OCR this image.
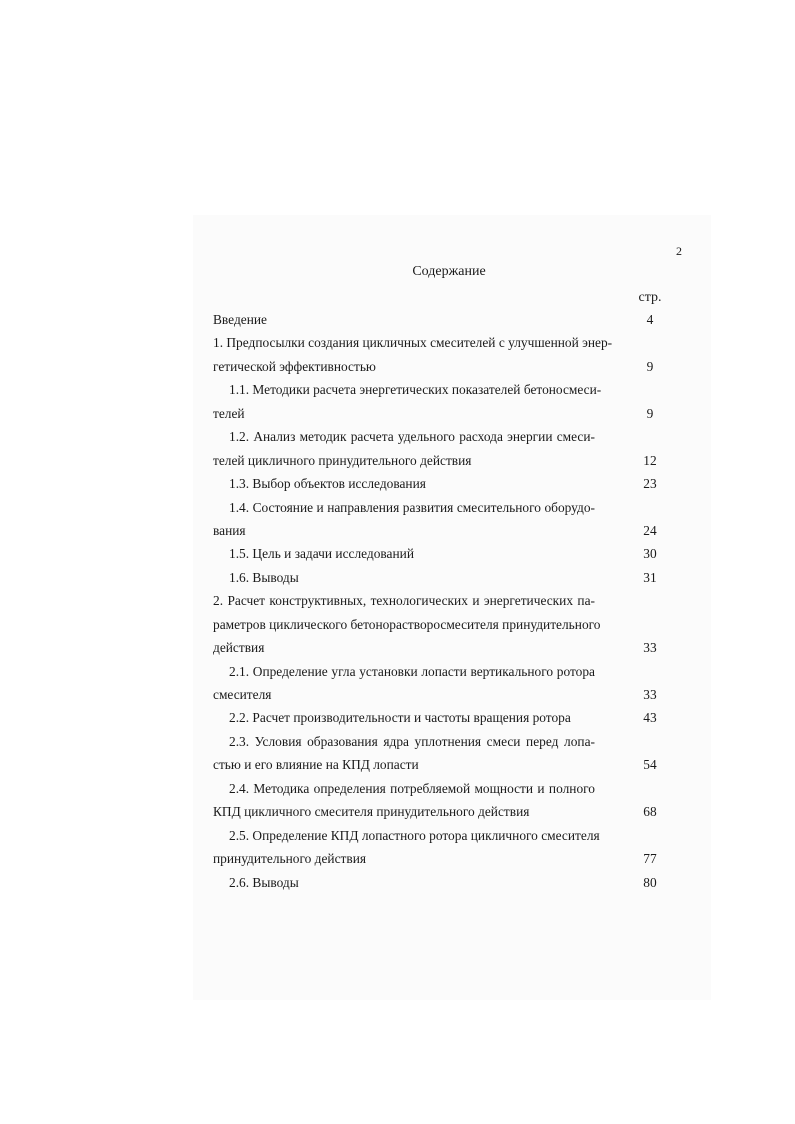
2
Содержание
стр.
Введение	4
1. Предпосылки создания цикличных смесителей с улучшенной энер-
гетической эффективностью	9
1.1. Методики расчета энергетических показателей бетоносмеси-
телей	9
1.2. Анализ методик расчета удельного расхода энергии смеси-
телей цикличного принудительного действия	12
1.3. Выбор объектов исследования	23
1.4. Состояние и направления развития смесительного оборудо-
вания	24
1.5. Цель и задачи исследований	30
1.6. Выводы	31
2. Расчет конструктивных, технологических и энергетических па-
раметров циклического бетонорастворосмесителя принудительного
действия	33
2.1. Определение угла установки лопасти вертикального ротора
смесителя	33
2.2. Расчет производительности и частоты вращения ротора	43
2.3. Условия образования ядра уплотнения смеси перед лопа-
стью и его влияние на КПД лопасти	54
2.4. Методика определения потребляемой мощности и полного
КПД цикличного смесителя принудительного действия	68
2.5. Определение КПД лопастного ротора цикличного смесителя
принудительного действия	77
2.6. Выводы	80
